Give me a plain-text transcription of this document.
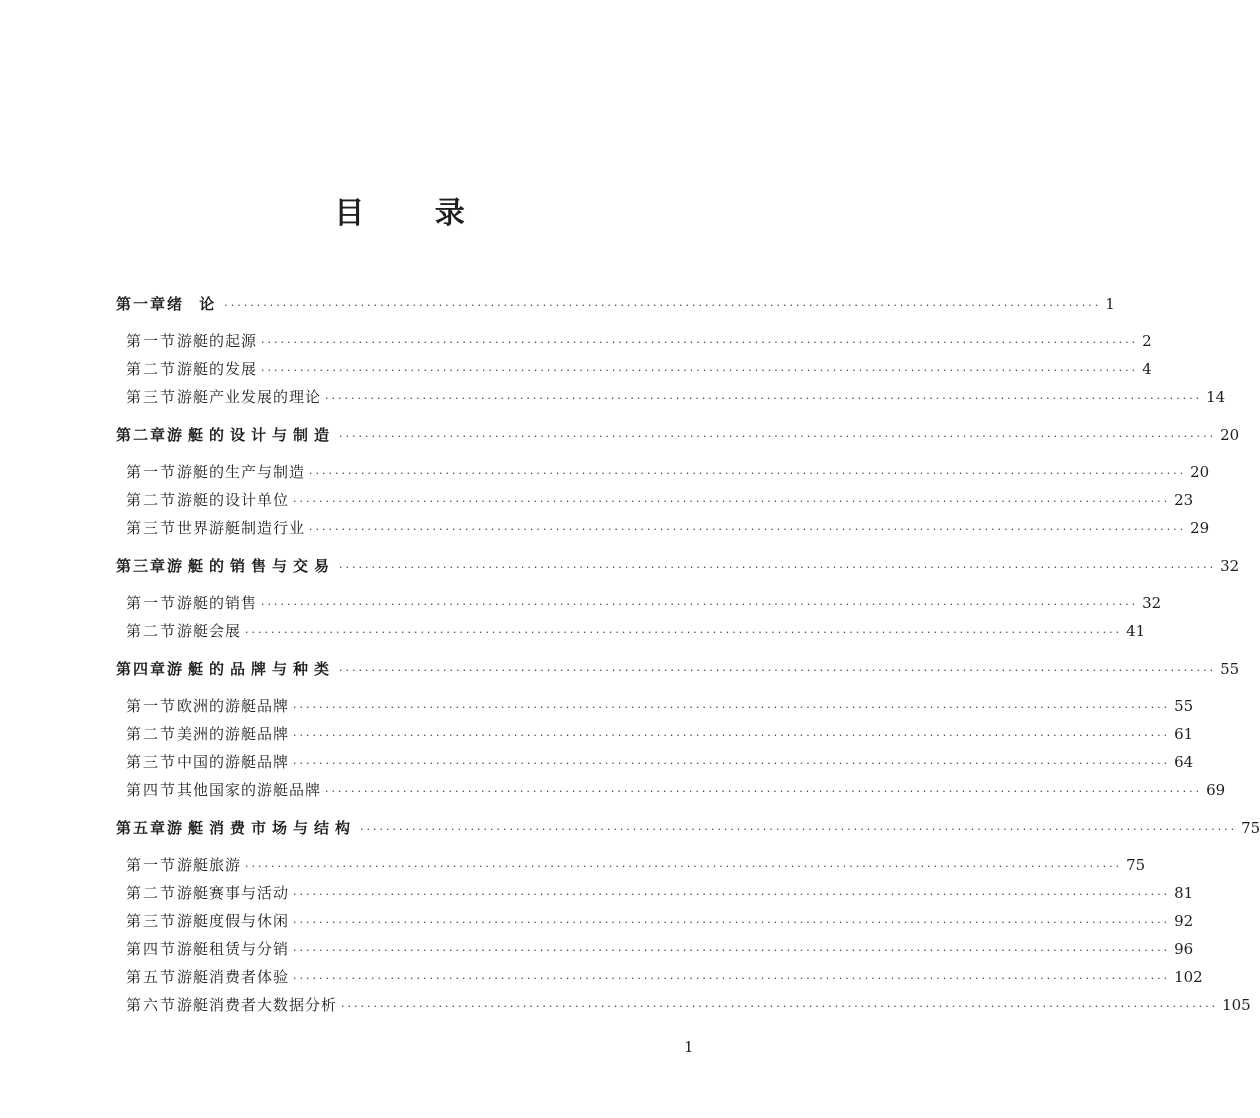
目 录
第一章 绪 论 ······································································································································· 1
第一节 游艇的起源 ······································································································································· 2
第二节 游艇的发展 ······································································································································· 4
第三节 游艇产业发展的理论 ······································································································································· 14
第二章 游艇的设计与制造 ······································································································································· 20
第一节 游艇的生产与制造 ······································································································································· 20
第二节 游艇的设计单位 ······································································································································· 23
第三节 世界游艇制造行业 ······································································································································· 29
第三章 游艇的销售与交易 ······································································································································· 32
第一节 游艇的销售 ······································································································································· 32
第二节 游艇会展 ······································································································································· 41
第四章 游艇的品牌与种类 ······································································································································· 55
第一节 欧洲的游艇品牌 ······································································································································· 55
第二节 美洲的游艇品牌 ······································································································································· 61
第三节 中国的游艇品牌 ······································································································································· 64
第四节 其他国家的游艇品牌 ······································································································································· 69
第五章 游艇消费市场与结构 ······································································································································· 75
第一节 游艇旅游 ······································································································································· 75
第二节 游艇赛事与活动 ······································································································································· 81
第三节 游艇度假与休闲 ······································································································································· 92
第四节 游艇租赁与分销 ······································································································································· 96
第五节 游艇消费者体验 ······································································································································· 102
第六节 游艇消费者大数据分析 ······································································································································· 105
1
